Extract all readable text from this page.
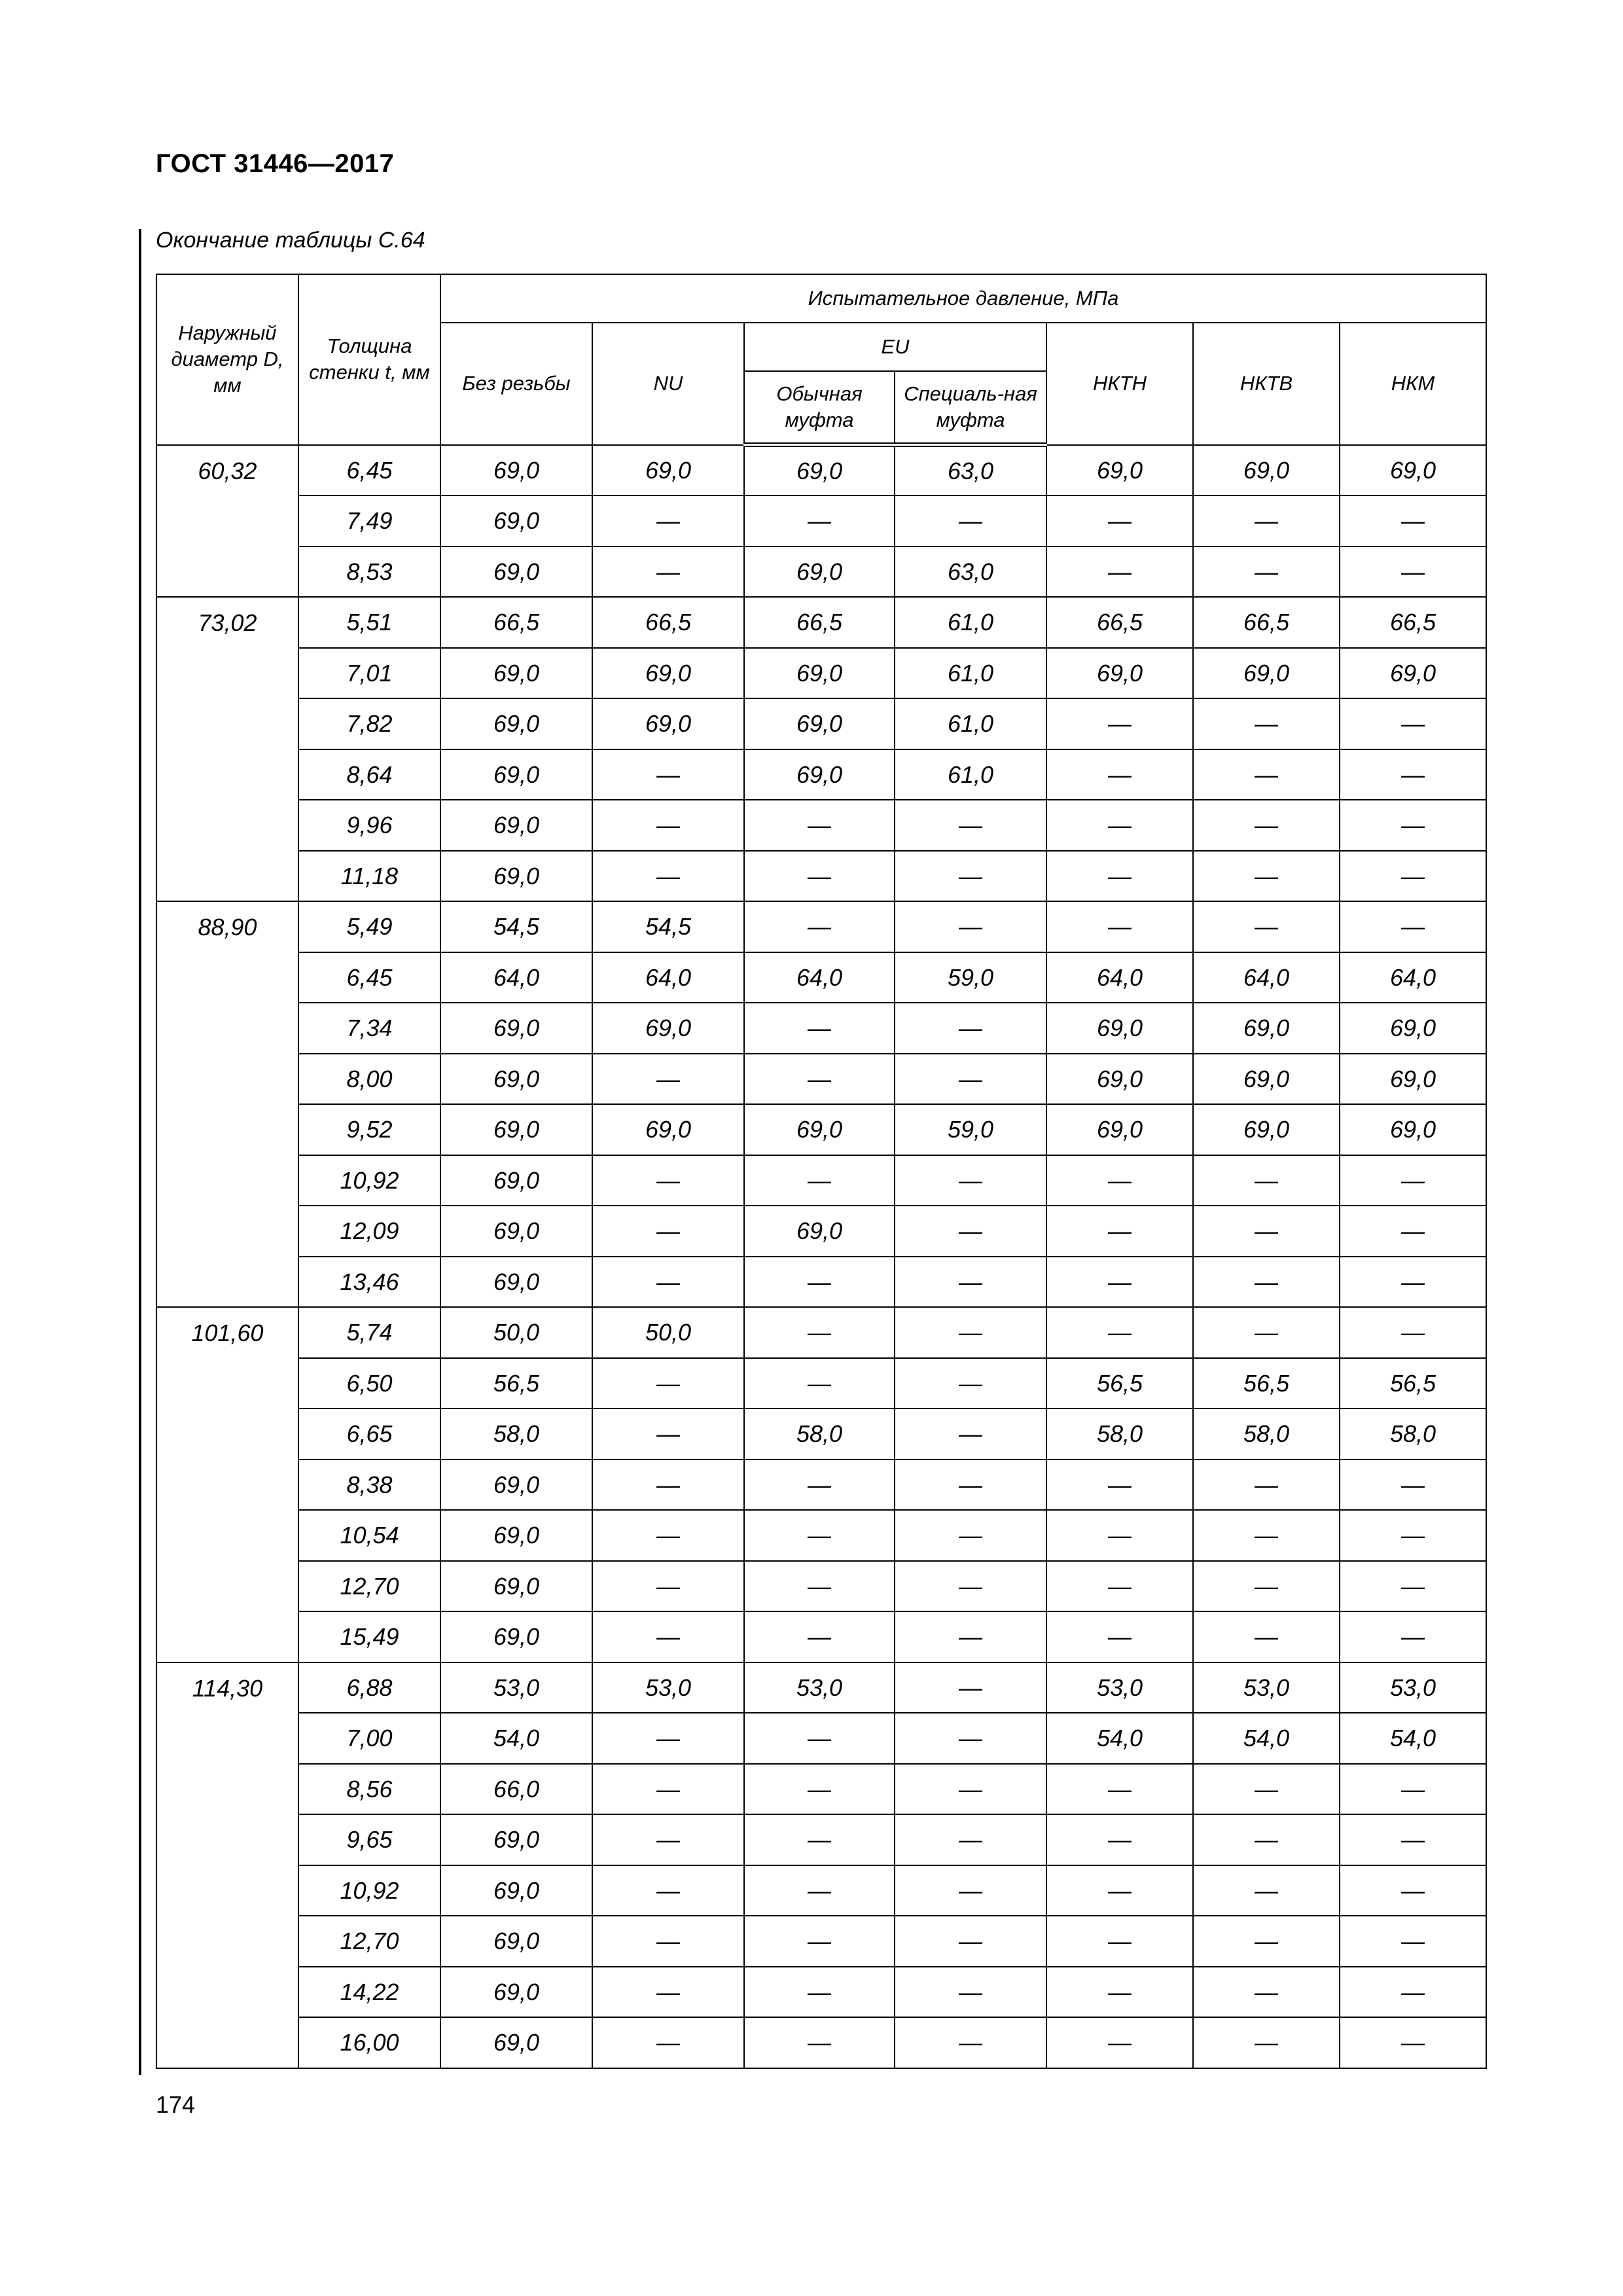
ГОСТ 31446—2017
Окончание таблицы С.64
Наружный диаметр D, мм	Толщина стенки t, мм	Испытательное давление, МПа						
		Без резьбы	NU	EU		НКТН	НКТВ	НКМ
				Обычная муфта	Специаль-ная муфта			
60,32	6,45	69,0	69,0	69,0	63,0	69,0	69,0	69,0
	7,49	69,0	—	—	—	—	—	—
	8,53	69,0	—	69,0	63,0	—	—	—
73,02	5,51	66,5	66,5	66,5	61,0	66,5	66,5	66,5
	7,01	69,0	69,0	69,0	61,0	69,0	69,0	69,0
	7,82	69,0	69,0	69,0	61,0	—	—	—
	8,64	69,0	—	69,0	61,0	—	—	—
	9,96	69,0	—	—	—	—	—	—
	11,18	69,0	—	—	—	—	—	—
88,90	5,49	54,5	54,5	—	—	—	—	—
	6,45	64,0	64,0	64,0	59,0	64,0	64,0	64,0
	7,34	69,0	69,0	—	—	69,0	69,0	69,0
	8,00	69,0	—	—	—	69,0	69,0	69,0
	9,52	69,0	69,0	69,0	59,0	69,0	69,0	69,0
	10,92	69,0	—	—	—	—	—	—
	12,09	69,0	—	69,0	—	—	—	—
	13,46	69,0	—	—	—	—	—	—
101,60	5,74	50,0	50,0	—	—	—	—	—
	6,50	56,5	—	—	—	56,5	56,5	56,5
	6,65	58,0	—	58,0	—	58,0	58,0	58,0
	8,38	69,0	—	—	—	—	—	—
	10,54	69,0	—	—	—	—	—	—
	12,70	69,0	—	—	—	—	—	—
	15,49	69,0	—	—	—	—	—	—
114,30	6,88	53,0	53,0	53,0	—	53,0	53,0	53,0
	7,00	54,0	—	—	—	54,0	54,0	54,0
	8,56	66,0	—	—	—	—	—	—
	9,65	69,0	—	—	—	—	—	—
	10,92	69,0	—	—	—	—	—	—
	12,70	69,0	—	—	—	—	—	—
	14,22	69,0	—	—	—	—	—	—
	16,00	69,0	—	—	—	—	—	—
174
